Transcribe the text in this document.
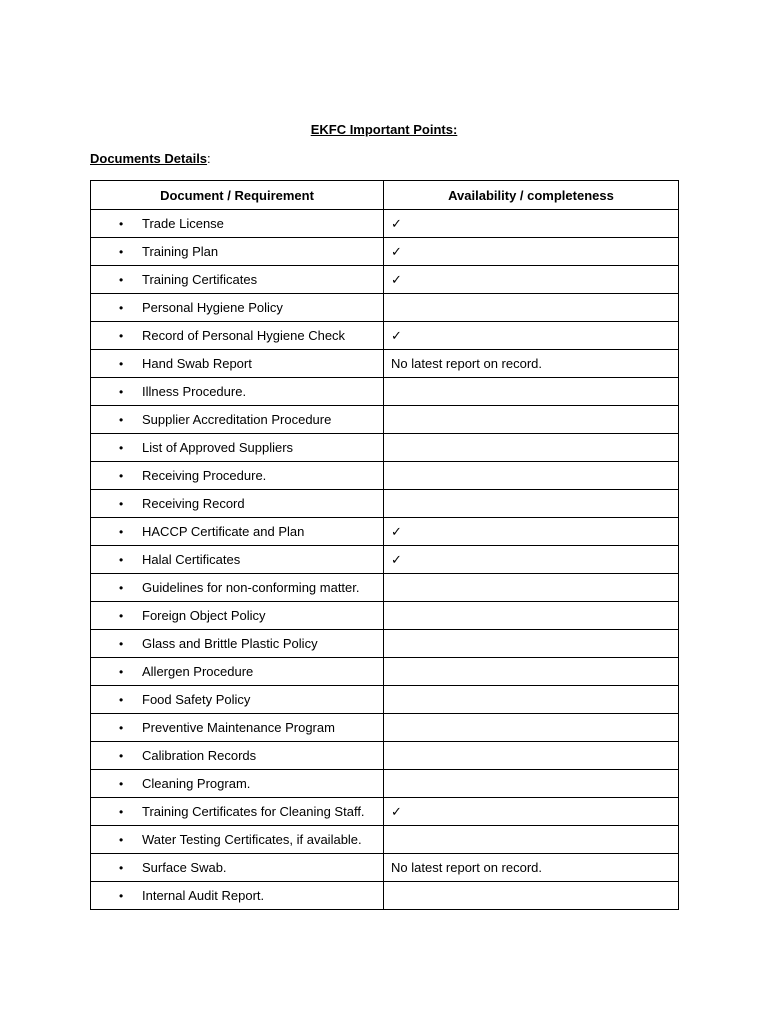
EKFC Important Points:
Documents Details:
Document / Requirement	Availability / completeness
• Trade License	✓
• Training Plan	✓
• Training Certificates	✓
• Personal Hygiene Policy	
• Record of Personal Hygiene Check	✓
• Hand Swab Report	No latest report on record.
• Illness Procedure.	
• Supplier Accreditation Procedure	
• List of Approved Suppliers	
• Receiving Procedure.	
• Receiving Record	
• HACCP Certificate and Plan	✓
• Halal Certificates	✓
• Guidelines for non-conforming matter.	
• Foreign Object Policy	
• Glass and Brittle Plastic Policy	
• Allergen Procedure	
• Food Safety Policy	
• Preventive Maintenance Program	
• Calibration Records	
• Cleaning Program.	
• Training Certificates for Cleaning Staff.	✓
• Water Testing Certificates, if available.	
• Surface Swab.	No latest report on record.
• Internal Audit Report.	
